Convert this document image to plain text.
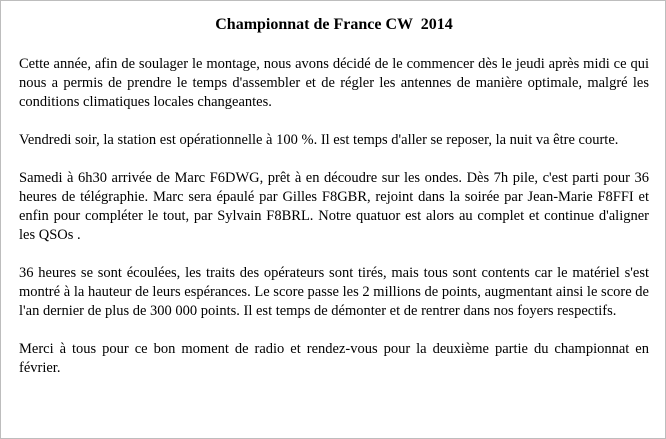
Championnat de France CW  2014

Cette année, afin de soulager le montage, nous avons décidé de le commencer dès le jeudi après midi ce qui nous a permis de prendre le temps d'assembler et de régler les antennes de manière optimale, malgré les conditions climatiques locales changeantes.

Vendredi soir, la station est opérationnelle à 100 %. Il est temps d'aller se reposer, la nuit va être courte.

Samedi à 6h30 arrivée de Marc F6DWG, prêt à en découdre sur les ondes. Dès 7h pile, c'est parti pour 36 heures de télégraphie. Marc sera épaulé par Gilles F8GBR, rejoint dans la soirée par Jean-Marie F8FFI et enfin pour compléter le tout, par Sylvain F8BRL. Notre quatuor est alors au complet et continue d'aligner les QSOs .

36 heures se sont écoulées, les traits des opérateurs sont tirés, mais tous sont contents car le matériel s'est montré à la hauteur de leurs espérances. Le score passe les 2 millions de points, augmentant ainsi le score de l'an dernier de plus de 300 000 points. Il est temps de démonter et de rentrer dans nos foyers respectifs.

Merci à tous pour ce bon moment de radio et rendez-vous pour la deuxième partie du championnat en février.
